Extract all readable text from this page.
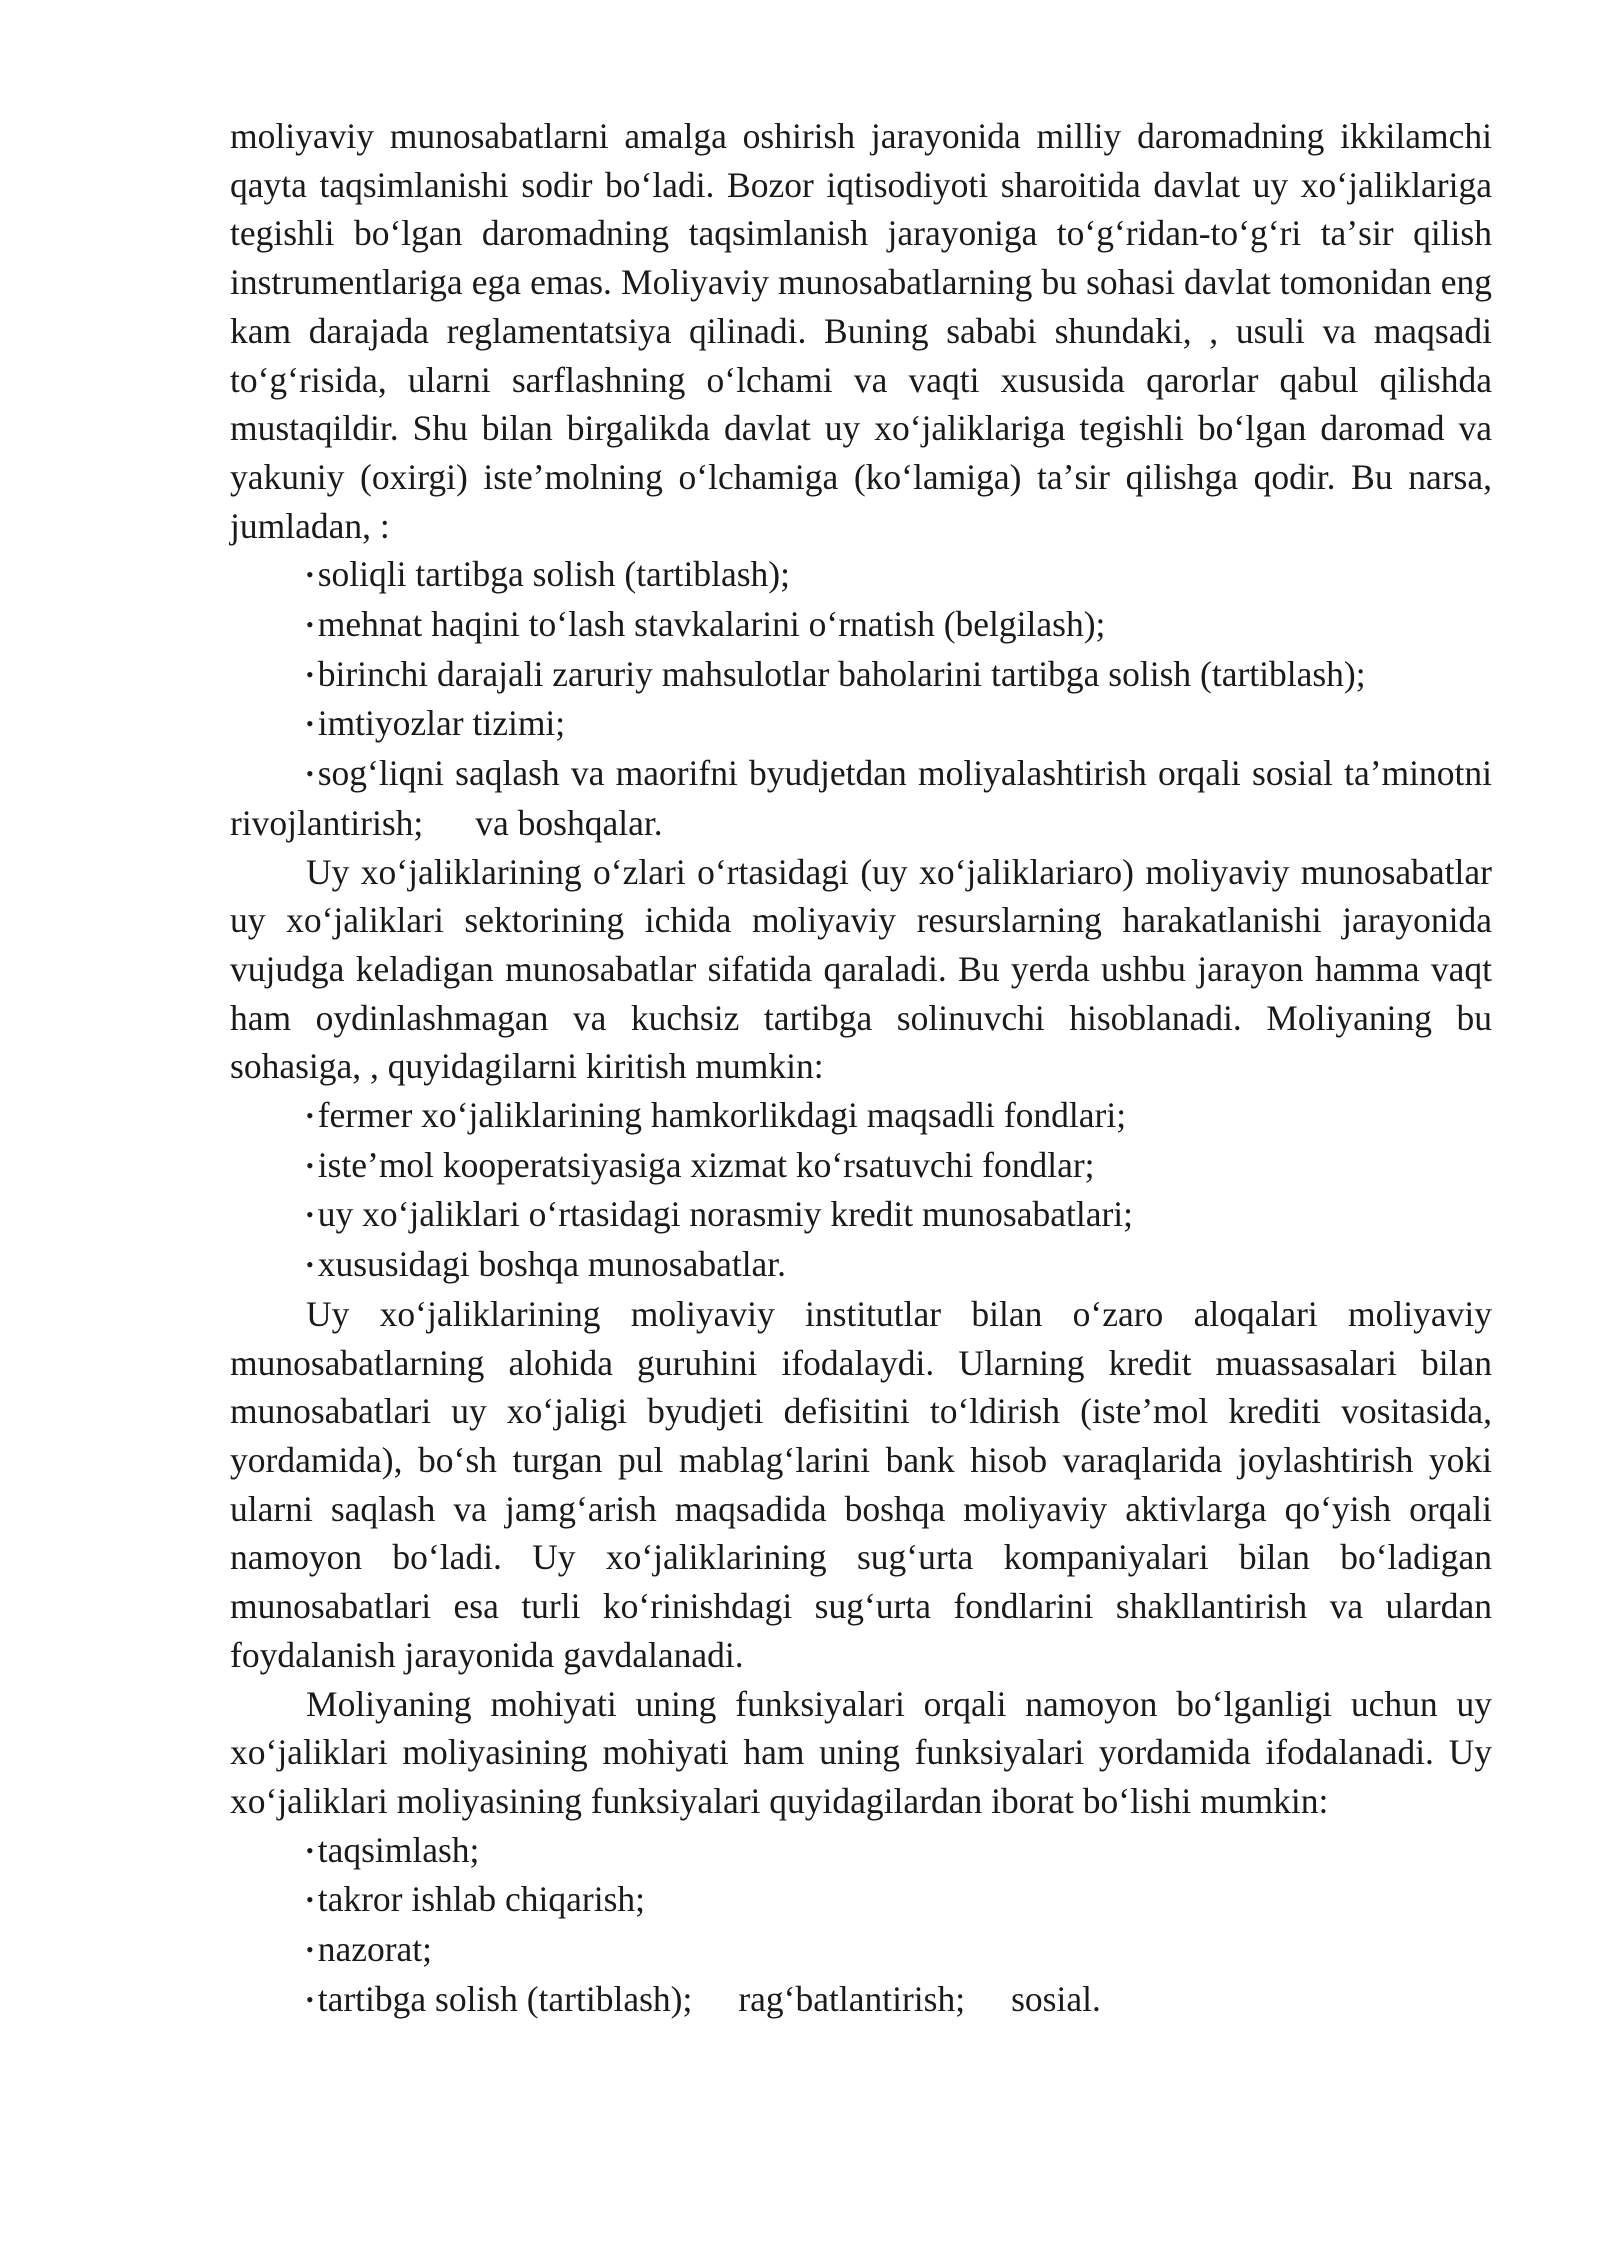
moliyaviy munosabatlarni amalga oshirish jarayonida milliy daromadning ikkilamchi qayta taqsimlanishi sodir boʻladi. Bozor iqtisodiyoti sharoitida davlat uy xoʻjaliklariga tegishli boʻlgan daromadning taqsimlanish jarayoniga toʻgʻridan-toʻgʻri taʼsir qilish instrumentlariga ega emas. Moliyaviy munosabatlarning bu sohasi davlat tomonidan eng kam darajada reglamentatsiya qilinadi. Buning sababi shundaki, , usuli va maqsadi toʻgʻrisida, ularni sarflashning oʻlchami va vaqti xususida qarorlar qabul qilishda mustaqildir. Shu bilan birgalikda davlat uy xoʻjaliklariga tegishli boʻlgan daromad va yakuniy (oxirgi) isteʼmolning oʻlchamiga (koʻlamiga) taʼsir qilishga qodir. Bu narsa, jumladan, :

• soliqli tartibga solish (tartiblash);
• mehnat haqini toʻlash stavkalarini oʻrnatish (belgilash);
• birinchi darajali zaruriy mahsulotlar baholarini tartibga solish (tartiblash);
• imtiyozlar tizimi;
• sogʻliqni saqlash va maorifni byudjetdan moliyalashtirish orqali sosial taʼminotni rivojlantirish; va boshqalar.

Uy xoʻjaliklarining oʻzlari oʻrtasidagi (uy xoʻjaliklariaro) moliyaviy munosabatlar uy xoʻjaliklari sektorining ichida moliyaviy resurslarning harakatlanishi jarayonida vujudga keladigan munosabatlar sifatida qaraladi. Bu yerda ushbu jarayon hamma vaqt ham oydinlashmagan va kuchsiz tartibga solinuvchi hisoblanadi. Moliyaning bu sohasiga, , quyidagilarni kiritish mumkin:

• fermer xoʻjaliklarining hamkorlikdagi maqsadli fondlari;
• isteʼmol kooperatsiyasiga xizmat koʻrsatuvchi fondlar;
• uy xoʻjaliklari oʻrtasidagi norasmiy kredit munosabatlari;
• xususidagi boshqa munosabatlar.

Uy xoʻjaliklarining moliyaviy institutlar bilan oʻzaro aloqalari moliyaviy munosabatlarning alohida guruhini ifodalaydi. Ularning kredit muassasalari bilan munosabatlari uy xoʻjaligi byudjeti defisitini toʻldirish (isteʼmol krediti vositasida, yordamida), boʻsh turgan pul mablagʻlarini bank hisob varaqlarida joylashtirish yoki ularni saqlash va jamgʻarish maqsadida boshqa moliyaviy aktivlarga qoʻyish orqali namoyon boʻladi. Uy xoʻjaliklarining sugʻurta kompaniyalari bilan boʻladigan munosabatlari esa turli koʻrinishdagi sugʻurta fondlarini shakllantirish va ulardan foydalanish jarayonida gavdalanadi.

Moliyaning mohiyati uning funksiyalari orqali namoyon boʻlganligi uchun uy xoʻjaliklari moliyasining mohiyati ham uning funksiyalari yordamida ifodalanadi. Uy xoʻjaliklari moliyasining funksiyalari quyidagilardan iborat boʻlishi mumkin:

• taqsimlash;
• takror ishlab chiqarish;
• nazorat;
• tartibga solish (tartiblash); ragʻbatlantirish; sosial.
